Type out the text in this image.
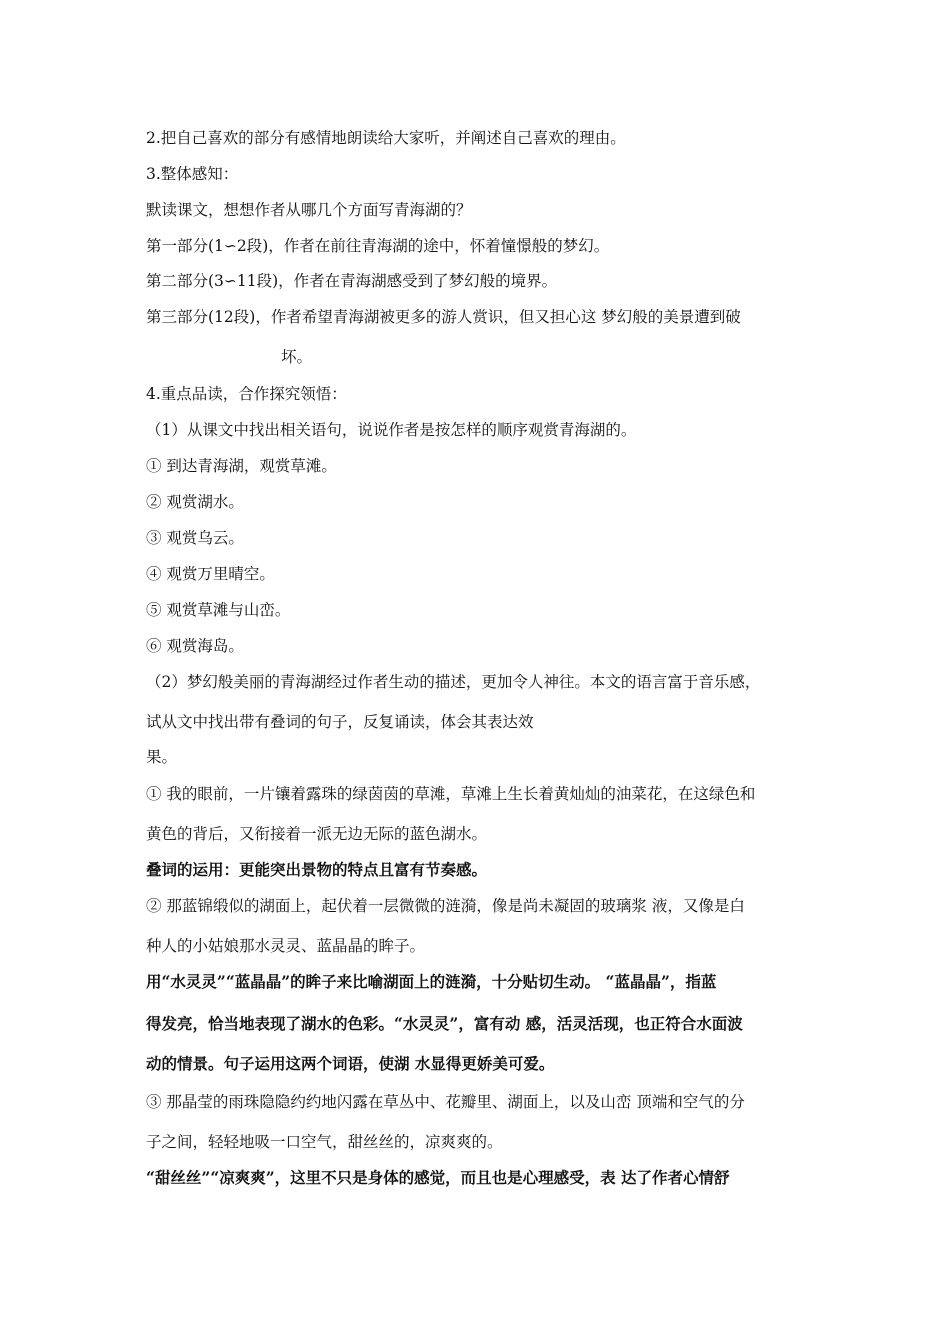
2.把自己喜欢的部分有感情地朗读给大家听，并阐述自己喜欢的理由。
3.整体感知：
默读课文，想想作者从哪几个方面写青海湖的？
第一部分(1∽2段)，作者在前往青海湖的途中，怀着憧憬般的梦幻。
第二部分(3∽11段)，作者在青海湖感受到了梦幻般的境界。
第三部分(12段)，作者希望青海湖被更多的游人赏识，但又担心这 梦幻般的美景遭到破
坏。
4.重点品读，合作探究领悟：
（1）从课文中找出相关语句，说说作者是按怎样的顺序观赏青海湖的。
① 到达青海湖，观赏草滩。
② 观赏湖水。
③ 观赏乌云。
④ 观赏万里晴空。
⑤ 观赏草滩与山峦。
⑥ 观赏海岛。
（2）梦幻般美丽的青海湖经过作者生动的描述，更加令人神往。本文的语言富于音乐感，
试从文中找出带有叠词的句子，反复诵读，体会其表达效
果。
① 我的眼前，一片镶着露珠的绿茵茵的草滩，草滩上生长着黄灿灿的油菜花，在这绿色和
黄色的背后，又衔接着一派无边无际的蓝色湖水。
叠词的运用：更能突出景物的特点且富有节奏感。
② 那蓝锦缎似的湖面上，起伏着一层微微的涟漪，像是尚未凝固的玻璃浆 液，又像是白
种人的小姑娘那水灵灵、蓝晶晶的眸子。
用“水灵灵”“蓝晶晶”的眸子来比喻湖面上的涟漪，十分贴切生动。 “蓝晶晶”，指蓝
得发亮，恰当地表现了湖水的色彩。“水灵灵”，富有动 感，活灵活现，也正符合水面波
动的情景。句子运用这两个词语，使湖 水显得更娇美可爱。
③ 那晶莹的雨珠隐隐约约地闪露在草丛中、花瓣里、湖面上，以及山峦 顶端和空气的分
子之间，轻轻地吸一口空气，甜丝丝的，凉爽爽的。
“甜丝丝”“凉爽爽”，这里不只是身体的感觉，而且也是心理感受，表 达了作者心情舒
